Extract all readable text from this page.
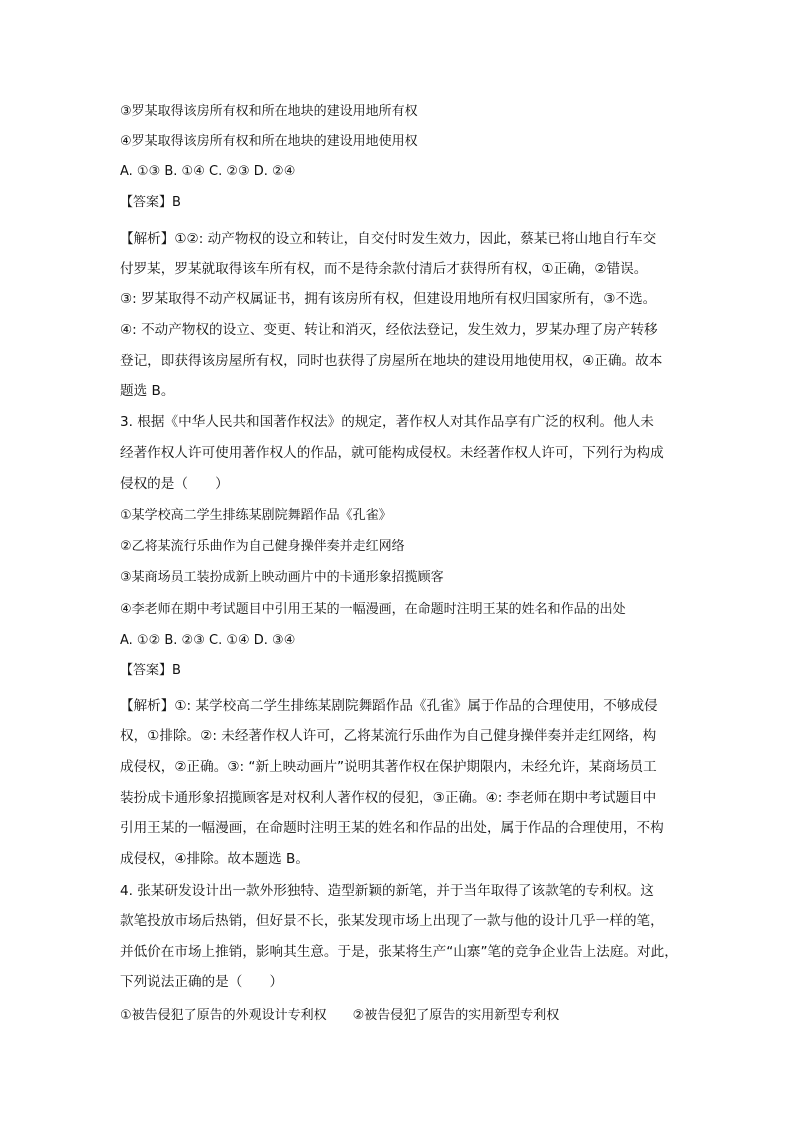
③罗某取得该房所有权和所在地块的建设用地所有权
④罗某取得该房所有权和所在地块的建设用地使用权
A. ①③ B. ①④ C. ②③ D. ②④
【答案】B
【解析】①②: 动产物权的设立和转让，自交付时发生效力，因此，蔡某已将山地自行车交
付罗某，罗某就取得该车所有权，而不是待余款付清后才获得所有权，①正确，②错误。
③: 罗某取得不动产权属证书，拥有该房所有权，但建设用地所有权归国家所有，③不选。
④: 不动产物权的设立、变更、转让和消灭，经依法登记，发生效力，罗某办理了房产转移
登记，即获得该房屋所有权，同时也获得了房屋所在地块的建设用地使用权，④正确。故本
题选 B。
3. 根据《中华人民共和国著作权法》的规定，著作权人对其作品享有广泛的权利。他人未
经著作权人许可使用著作权人的作品，就可能构成侵权。未经著作权人许可，下列行为构成
侵权的是（　　）
①某学校高二学生排练某剧院舞蹈作品《孔雀》
②乙将某流行乐曲作为自己健身操伴奏并走红网络
③某商场员工装扮成新上映动画片中的卡通形象招揽顾客
④李老师在期中考试题目中引用王某的一幅漫画，在命题时注明王某的姓名和作品的出处
A. ①② B. ②③ C. ①④ D. ③④
【答案】B
【解析】①: 某学校高二学生排练某剧院舞蹈作品《孔雀》属于作品的合理使用，不够成侵
权，①排除。②: 未经著作权人许可，乙将某流行乐曲作为自己健身操伴奏并走红网络，构
成侵权，②正确。③: “新上映动画片”说明其著作权在保护期限内，未经允许，某商场员工
装扮成卡通形象招揽顾客是对权利人著作权的侵犯，③正确。④: 李老师在期中考试题目中
引用王某的一幅漫画，在命题时注明王某的姓名和作品的出处，属于作品的合理使用，不构
成侵权，④排除。故本题选 B。
4. 张某研发设计出一款外形独特、造型新颖的新笔，并于当年取得了该款笔的专利权。这
款笔投放市场后热销，但好景不长，张某发现市场上出现了一款与他的设计几乎一样的笔，
并低价在市场上推销，影响其生意。于是，张某将生产“山寨”笔的竞争企业告上法庭。对此，
下列说法正确的是（　　）
①被告侵犯了原告的外观设计专利权　　②被告侵犯了原告的实用新型专利权
